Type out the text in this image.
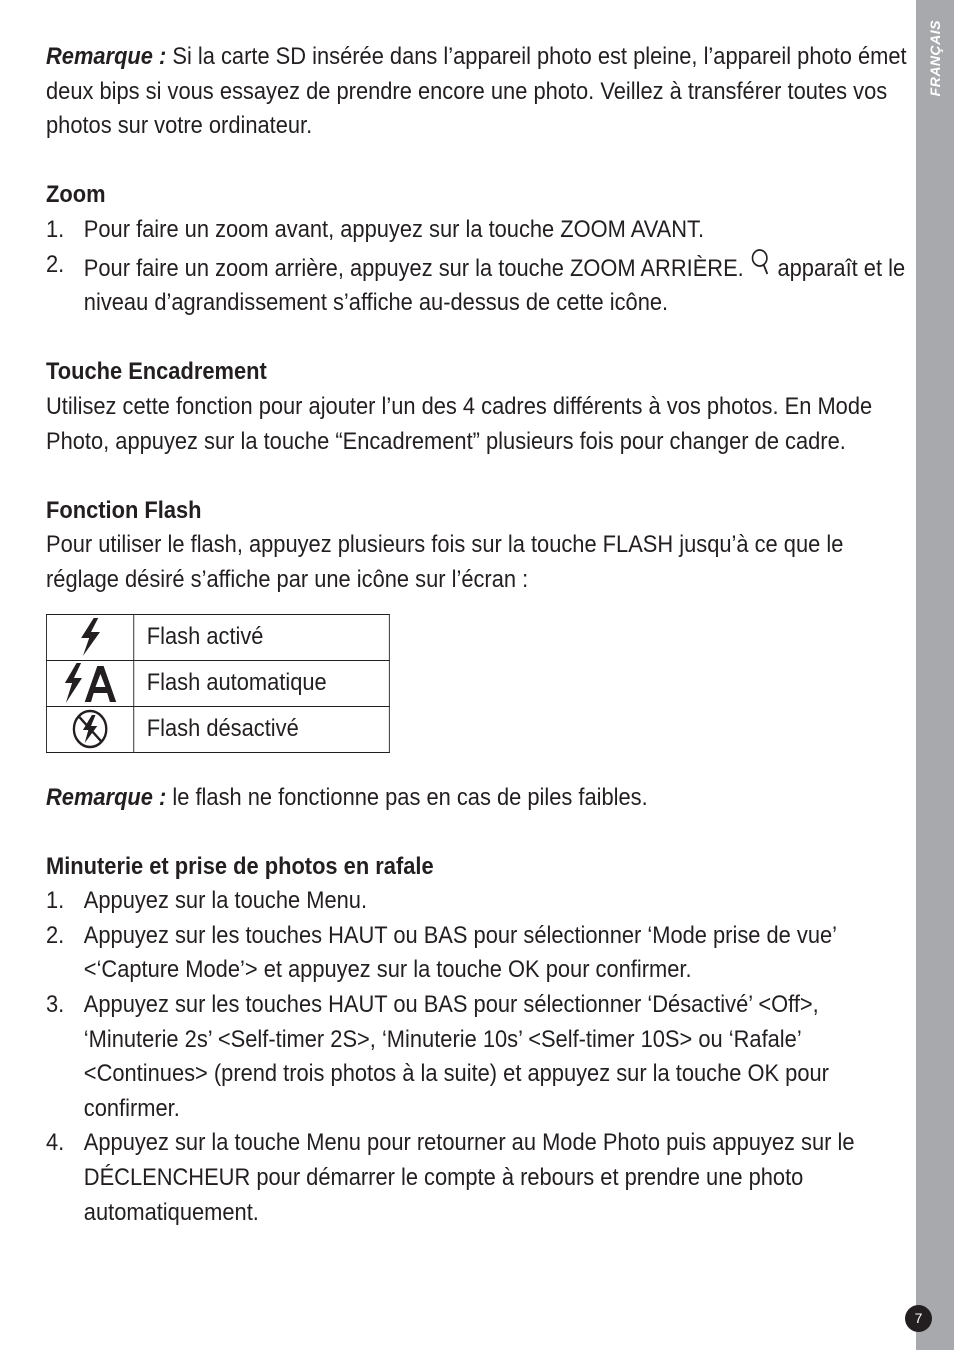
FRANÇAIS
7

Remarque : Si la carte SD insérée dans l’appareil photo est pleine, l’appareil photo émet deux bips si vous essayez de prendre encore une photo. Veillez à transférer toutes vos photos sur votre ordinateur.

Zoom

1. Pour faire un zoom avant, appuyez sur la touche ZOOM AVANT.
2. Pour faire un zoom arrière, appuyez sur la touche ZOOM ARRIÈRE.  apparaît et le niveau d’agrandissement s’affiche au-dessus de cette icône.

Touche Encadrement

Utilisez cette fonction pour ajouter l’un des 4 cadres différents à vos photos. En Mode Photo, appuyez sur la touche “Encadrement” plusieurs fois pour changer de cadre.

Fonction Flash

Pour utiliser le flash, appuyez plusieurs fois sur la touche FLASH jusqu’à ce que le réglage désiré s’affiche par une icône sur l’écran :

	Flash activé

	Flash automatique

	Flash désactivé

Remarque : le flash ne fonctionne pas en cas de piles faibles.

Minuterie et prise de photos en rafale

1. Appuyez sur la touche Menu.
2. Appuyez sur les touches HAUT ou BAS pour sélectionner ‘Mode prise de vue’ <‘Capture Mode’> et appuyez sur la touche OK pour confirmer.
3. Appuyez sur les touches HAUT ou BAS pour sélectionner ‘Désactivé’ <Off>, ‘Minuterie 2s’ <Self-timer 2S>, ‘Minuterie 10s’ <Self-timer 10S> ou ‘Rafale’ <Continues> (prend trois photos à la suite) et appuyez sur la touche OK pour confirmer.
4. Appuyez sur la touche Menu pour retourner au Mode Photo puis appuyez sur le DÉCLENCHEUR pour démarrer le compte à rebours et prendre une photo automatiquement.
